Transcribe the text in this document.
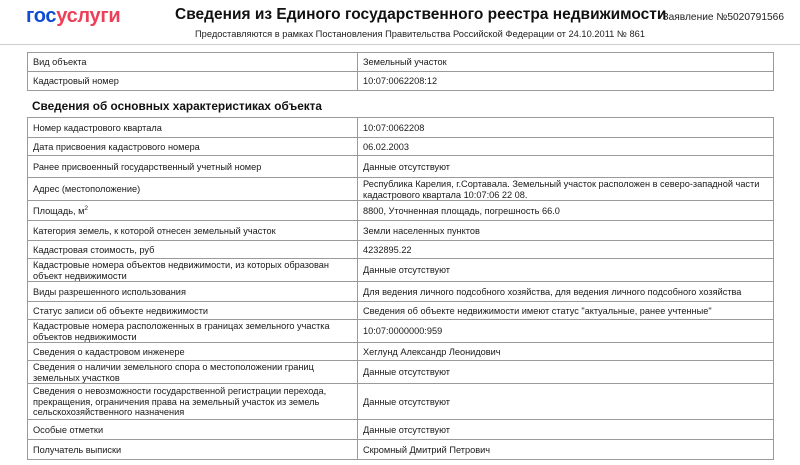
госуслуги	Сведения из Единого государственного реестра недвижимости
Предоставляются в рамках Постановления Правительства Российской Федерации от 24.10.2011 № 861
Заявление №5020791566
Вид объекта	Земельный участок
Кадастровый номер	10:07:0062208:12
Сведения об основных характеристиках объекта
Номер кадастрового квартала	10:07:0062208
Дата присвоения кадастрового номера	06.02.2003
Ранее присвоенный государственный учетный номер	Данные отсутствуют
Адрес (местоположение)	Республика Карелия, г.Сортавала. Земельный участок расположен в северо-западной части кадастрового квартала 10:07:06 22 08.
Площадь, $м^2$	8800, Уточненная площадь, погрешность 66.0
Категория земель, к которой отнесен земельный участок	Земли населенных пунктов
Кадастровая стоимость, руб	4232895.22
Кадастровые номера объектов недвижимости, из которых образован объект недвижимости	Данные отсутствуют
Виды разрешенного использования	Для ведения личного подсобного хозяйства, для ведения личного подсобного хозяйства
Статус записи об объекте недвижимости	Сведения об объекте недвижимости имеют статус "актуальные, ранее учтенные"
Кадастровые номера расположенных в границах земельного участка объектов недвижимости	10:07:0000000:959
Сведения о кадастровом инженере	Хеглунд Александр Леонидович
Сведения о наличии земельного спора о местоположении границ земельных участков	Данные отсутствуют
Сведения о невозможности государственной регистрации перехода, прекращения, ограничения права на земельный участок из земель сельскохозяйственного назначения	Данные отсутствуют
Особые отметки	Данные отсутствуют
Получатель выписки	Скромный Дмитрий Петрович
